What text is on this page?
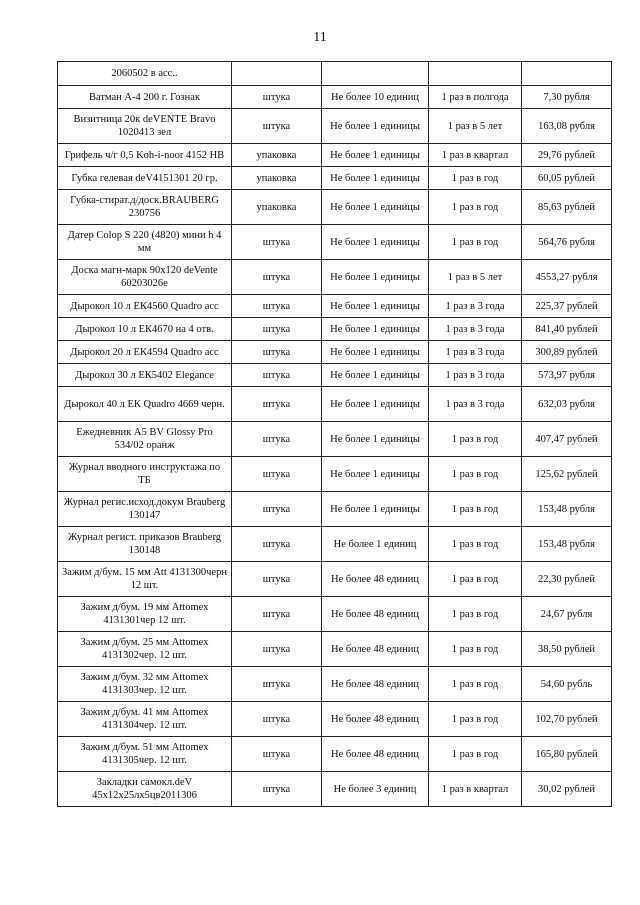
11
2060502 в асс..				
Ватман А-4 200 г. Гознак	штука	Не более 10 единиц	1 раз в полгода	7,30 рубля
Визитница 20к deVENTE Bravo 1020413 зел	штука	Не более 1 единицы	1 раз в 5 лет	163,08 рубля
Грифель ч/г 0,5 Koh-i-noor 4152 HB	упаковка	Не более 1 единицы	1 раз в квартал	29,76 рублей
Губка гелевая deV4151301 20 гр.	упаковка	Не более 1 единицы	1 раз в год	60,05 рублей
Губка-стират.д/доск.BRAUBERG 230756	упаковка	Не более 1 единицы	1 раз в год	85,63 рублей
Датер Colop S 220 (4820) мини h 4 мм	штука	Не более 1 единицы	1 раз в год	564,76 рубля
Доска магн-марк 90х120 deVente 60203026e	штука	Не более 1 единицы	1 раз в 5 лет	4553,27 рубля
Дырокол 10 л ЕК4560 Quadro асс	штука	Не более 1 единицы	1 раз в 3 года	225,37 рублей
Дырокол 10 л ЕК4670 на 4 отв.	штука	Не более 1 единицы	1 раз в 3 года	841,40 рублей
Дырокол 20 л ЕК4594 Quadro асс	штука	Не более 1 единицы	1 раз в 3 года	300,89 рублей
Дырокол 30 л ЕК5402 Elegance	штука	Не более 1 единицы	1 раз в 3 года	573,97 рубля
Дырокол 40 л ЕК Quadro 4669 черн.	штука	Не более 1 единицы	1 раз в 3 года	632,03 рубля
Ежедневник А5 BV Glossy Pro 534/02 оранж	штука	Не более 1 единицы	1 раз в год	407,47 рублей
Журнал вводного инструктажа по ТБ	штука	Не более 1 единицы	1 раз в год	125,62 рублей
Журнал регис.исход.докум Brauberg 130147	штука	Не более 1 единицы	1 раз в год	153,48 рубля
Журнал регист. приказов Brauberg 130148	штука	Не более 1 единиц	1 раз в год	153,48 рубля
Зажим д/бум. 15 мм Att 4131300черн 12 шт.	штука	Не более 48 единиц	1 раз в год	22,30 рублей
Зажим д/бум. 19 мм Attomex 4131301чер 12 шт.	штука	Не более 48 единиц	1 раз в год	24,67 рубля
Зажим д/бум. 25 мм Attomex 4131302чер. 12 шт.	штука	Не более 48 единиц	1 раз в год	38,50 рублей
Зажим д/бум. 32 мм Attomex 4131303чер. 12 шт.	штука	Не более 48 единиц	1 раз в год	54,60 рубль
Зажим д/бум. 41 мм Attomex 4131304чер. 12 шт.	штука	Не более 48 единиц	1 раз в год	102,70 рублей
Зажим д/бум. 51 мм Attomex 4131305чер. 12 шт.	штука	Не более 48 единиц	1 раз в год	165,80 рублей
Закладки самокл.deV 45х12х25лх5цв2011306	штука	Не более 3 единиц	1 раз в квартал	30,02 рублей
